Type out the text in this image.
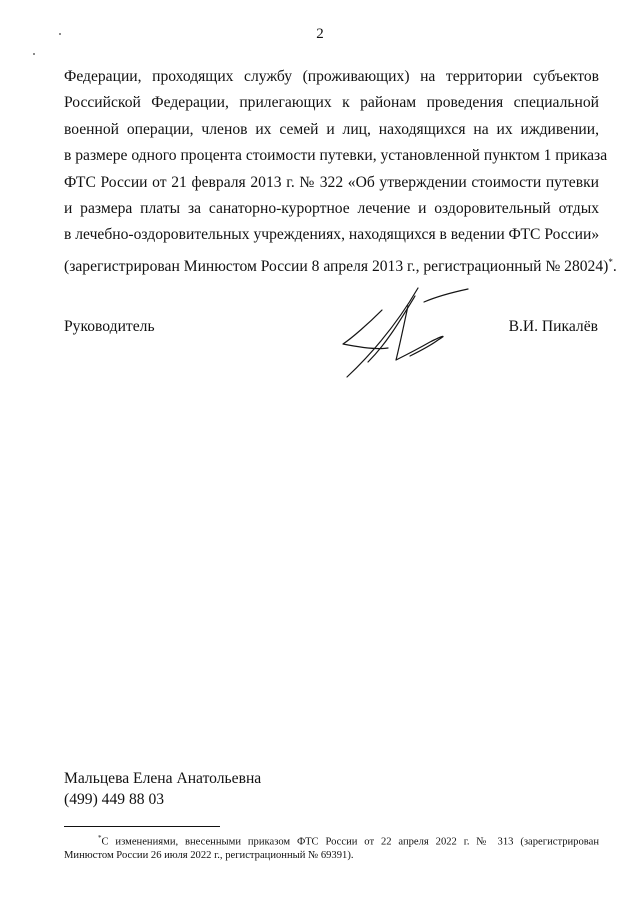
2
Федерации, проходящих службу (проживающих) на территории субъектов
Российской Федерации, прилегающих к районам проведения специальной
военной операции, членов их семей и лиц, находящихся на их иждивении,
в размере одного процента стоимости путевки, установленной пунктом 1 приказа
ФТС России от 21 февраля 2013 г. № 322 «Об утверждении стоимости путевки
и размера платы за санаторно-курортное лечение и оздоровительный отдых
в лечебно-оздоровительных учреждениях, находящихся в ведении ФТС России»
(зарегистрирован Минюстом России 8 апреля 2013 г., регистрационный № 28024)*.
Руководитель	В.И. Пикалёв
Мальцева Елена Анатольевна
(499) 449 88 03
*С изменениями, внесенными приказом ФТС России от 22 апреля 2022 г. № 313 (зарегистрирован
Минюстом России 26 июля 2022 г., регистрационный № 69391).
